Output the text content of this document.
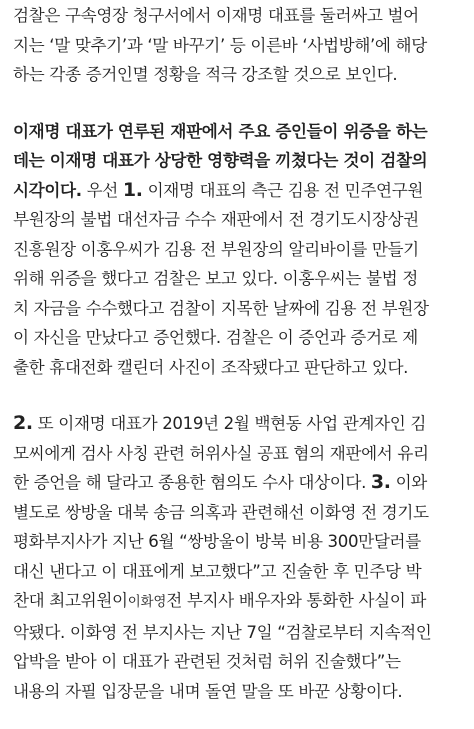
검찰은 구속영장 청구서에서 이재명 대표를 둘러싸고 벌어
지는 ‘말 맞추기’과 ‘말 바꾸기’ 등 이른바 ‘사법방해’에 해당
하는 각종 증거인멸 정황을 적극 강조할 것으로 보인다.

이재명 대표가 연루된 재판에서 주요 증인들이 위증을 하는
데는 이재명 대표가 상당한 영향력을 끼쳤다는 것이 검찰의
시각이다. 우선 1. 이재명 대표의 측근 김용 전 민주연구원
부원장의 불법 대선자금 수수 재판에서 전 경기도시장상권
진흥원장 이홍우씨가 김용 전 부원장의 알리바이를 만들기
위해 위증을 했다고 검찰은 보고 있다. 이홍우씨는 불법 정
치 자금을 수수했다고 검찰이 지목한 날짜에 김용 전 부원장
이 자신을 만났다고 증언했다. 검찰은 이 증언과 증거로 제
출한 휴대전화 캘린더 사진이 조작됐다고 판단하고 있다.

2. 또 이재명 대표가 2019년 2월 백현동 사업 관계자인 김
모씨에게 검사 사칭 관련 허위사실 공표 혐의 재판에서 유리
한 증언을 해 달라고 종용한 혐의도 수사 대상이다. 3. 이와
별도로 쌍방울 대북 송금 의혹과 관련해선 이화영 전 경기도
평화부지사가 지난 6월 “쌍방울이 방북 비용 300만달러를
대신 낸다고 이 대표에게 보고했다”고 진술한 후 민주당 박
찬대 최고위원이이화영전 부지사 배우자와 통화한 사실이 파
악됐다. 이화영 전 부지사는 지난 7일 “검찰로부터 지속적인
압박을 받아 이 대표가 관련된 것처럼 허위 진술했다”는
내용의 자필 입장문을 내며 돌연 말을 또 바꾼 상황이다.
